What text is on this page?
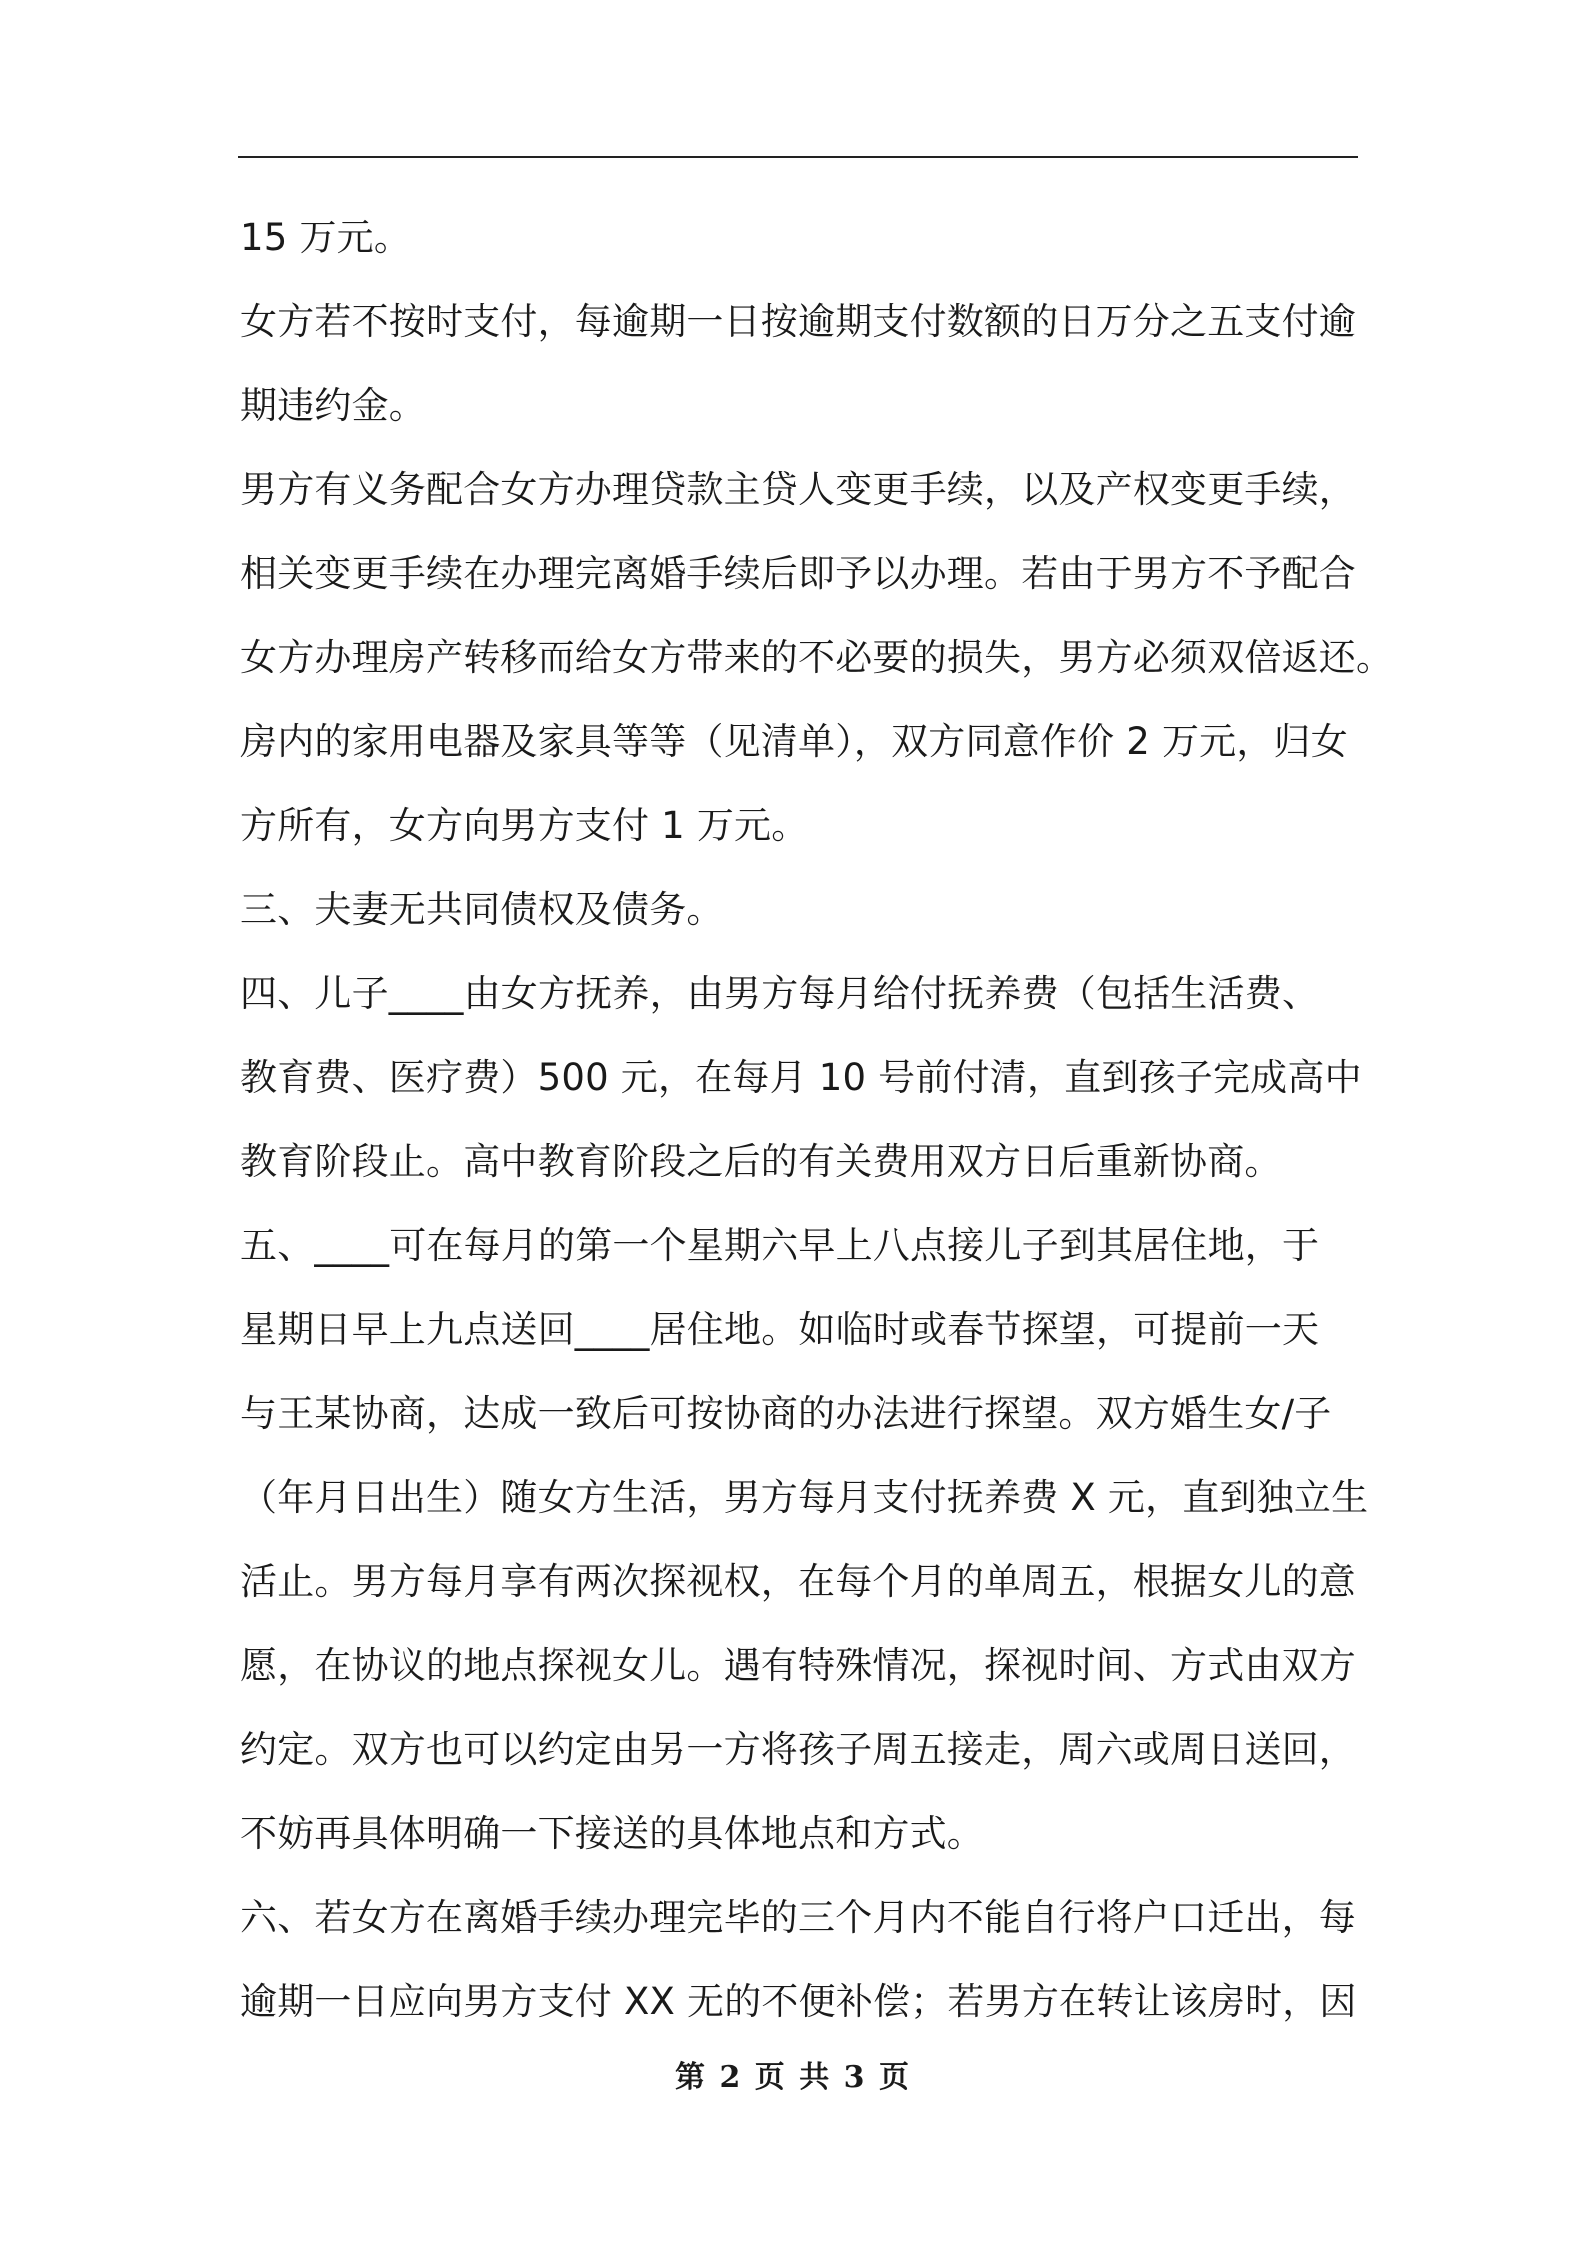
15 万元。
女方若不按时支付，每逾期一日按逾期支付数额的日万分之五支付逾
期违约金。
男方有义务配合女方办理贷款主贷人变更手续，以及产权变更手续，
相关变更手续在办理完离婚手续后即予以办理。若由于男方不予配合
女方办理房产转移而给女方带来的不必要的损失，男方必须双倍返还。
房内的家用电器及家具等等（见清单），双方同意作价 2 万元，归女
方所有，女方向男方支付 1 万元。
三、夫妻无共同债权及债务。
四、儿子____由女方抚养，由男方每月给付抚养费（包括生活费、
教育费、医疗费）500 元，在每月 10 号前付清，直到孩子完成高中
教育阶段止。高中教育阶段之后的有关费用双方日后重新协商。
五、____可在每月的第一个星期六早上八点接儿子到其居住地，于
星期日早上九点送回____居住地。如临时或春节探望，可提前一天
与王某协商，达成一致后可按协商的办法进行探望。双方婚生女/子
（年月日出生）随女方生活，男方每月支付抚养费 X 元，直到独立生
活止。男方每月享有两次探视权，在每个月的单周五，根据女儿的意
愿，在协议的地点探视女儿。遇有特殊情况，探视时间、方式由双方
约定。双方也可以约定由另一方将孩子周五接走，周六或周日送回，
不妨再具体明确一下接送的具体地点和方式。
六、若女方在离婚手续办理完毕的三个月内不能自行将户口迁出，每
逾期一日应向男方支付 XX 无的不便补偿；若男方在转让该房时，因
第 2 页 共 3 页
